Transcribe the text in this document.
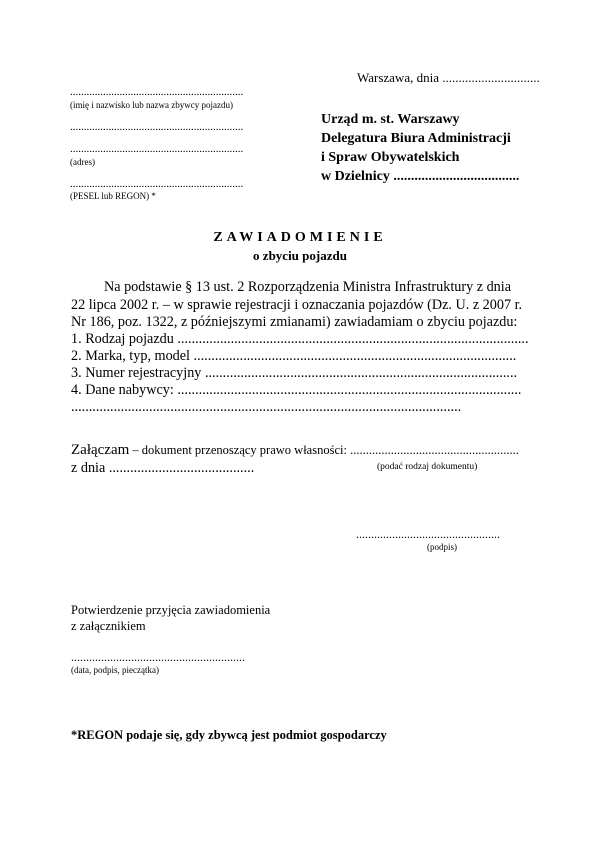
Warszawa, dnia ..............................
...............................................................
(imię i nazwisko lub nazwa zbywcy pojazdu)
...............................................................
...............................................................
(adres)
...............................................................
(PESEL lub REGON) *
Urząd m. st. Warszawy
Delegatura Biura Administracji
i Spraw Obywatelskich
w Dzielnicy ....................................
ZAWIADOMIENIE
o zbyciu pojazdu
Na podstawie § 13 ust. 2 Rozporządzenia Ministra Infrastruktury z dnia
22 lipca 2002 r. – w sprawie rejestracji i oznaczania pojazdów (Dz. U. z 2007 r.
Nr 186, poz. 1322, z późniejszymi zmianami) zawiadamiam o zbyciu pojazdu:
1. Rodzaj pojazdu ...................................................................................................
2. Marka, typ, model ...........................................................................................
3. Numer rejestracyjny ........................................................................................
4. Dane nabywcy: .................................................................................................
..............................................................................................................
Załączam – dokument przenoszący prawo własności: ......................................................
z dnia .........................................	(podać rodzaj dokumentu)
................................................
(podpis)
Potwierdzenie przyjęcia zawiadomienia
z załącznikiem
..........................................................
(data, podpis, pieczątka)
*REGON podaje się, gdy zbywcą jest podmiot gospodarczy
